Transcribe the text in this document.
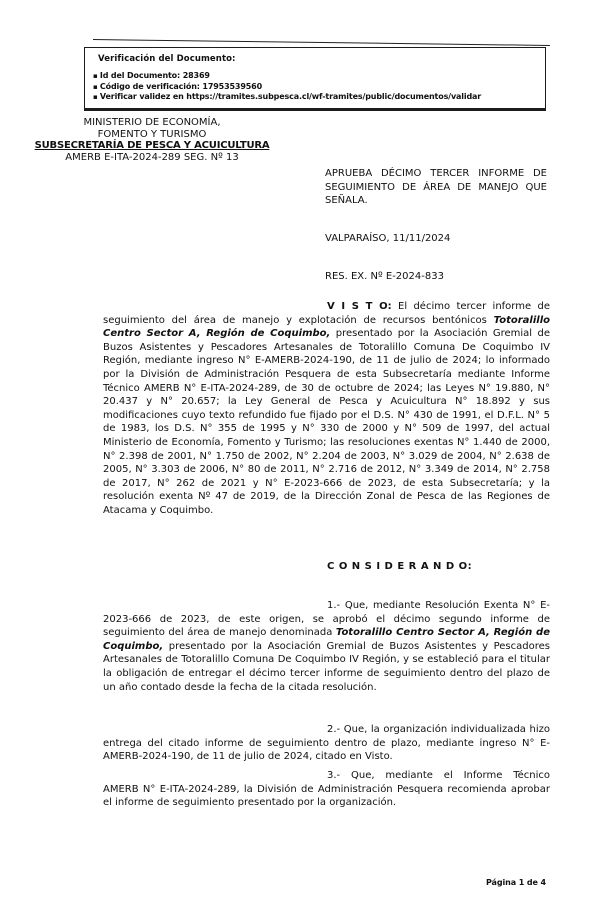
Verificación del Documento:
▪ Id del Documento: 28369
▪ Código de verificación: 17953539560
▪ Verificar validez en https://tramites.subpesca.cl/wf-tramites/public/documentos/validar
MINISTERIO DE ECONOMÍA,
FOMENTO Y TURISMO
SUBSECRETARÍA DE PESCA Y ACUICULTURA
AMERB E-ITA-2024-289 SEG. Nº 13
APRUEBA DÉCIMO TERCER INFORME DE SEGUIMIENTO DE ÁREA DE MANEJO QUE SEÑALA.
VALPARAÍSO, 11/11/2024
RES. EX. Nº E-2024-833
V I S T O: El décimo tercer informe de seguimiento del área de manejo y explotación de recursos bentónicos Totoralillo Centro Sector A, Región de Coquimbo, presentado por la Asociación Gremial de Buzos Asistentes y Pescadores Artesanales de Totoralillo Comuna De Coquimbo IV Región, mediante ingreso N° E-AMERB-2024-190, de 11 de julio de 2024; lo informado por la División de Administración Pesquera de esta Subsecretaría mediante Informe Técnico AMERB N° E-ITA-2024-289, de 30 de octubre de 2024; las Leyes N° 19.880, N° 20.437 y N° 20.657; la Ley General de Pesca y Acuicultura N° 18.892 y sus modificaciones cuyo texto refundido fue fijado por el D.S. N° 430 de 1991, el D.F.L. N° 5 de 1983, los D.S. N° 355 de 1995 y N° 330 de 2000 y N° 509 de 1997, del actual Ministerio de Economía, Fomento y Turismo; las resoluciones exentas N° 1.440 de 2000, N° 2.398 de 2001, N° 1.750 de 2002, N° 2.204 de 2003, N° 3.029 de 2004, N° 2.638 de 2005, N° 3.303 de 2006, N° 80 de 2011, N° 2.716 de 2012, N° 3.349 de 2014, N° 2.758 de 2017, N° 262 de 2021 y N° E-2023-666 de 2023, de esta Subsecretaría; y la resolución exenta Nº 47 de 2019, de la Dirección Zonal de Pesca de las Regiones de Atacama y Coquimbo.
C O N S I D E R A N D O:
1.- Que, mediante Resolución Exenta N° E-2023-666 de 2023, de este origen, se aprobó el décimo segundo informe de seguimiento del área de manejo denominada Totoralillo Centro Sector A, Región de Coquimbo, presentado por la Asociación Gremial de Buzos Asistentes y Pescadores Artesanales de Totoralillo Comuna De Coquimbo IV Región, y se estableció para el titular la obligación de entregar el décimo tercer informe de seguimiento dentro del plazo de un año contado desde la fecha de la citada resolución.
2.- Que, la organización individualizada hizo entrega del citado informe de seguimiento dentro de plazo, mediante ingreso N° E-AMERB-2024-190, de 11 de julio de 2024, citado en Visto.
3.- Que, mediante el Informe Técnico AMERB N° E-ITA-2024-289, la División de Administración Pesquera recomienda aprobar el informe de seguimiento presentado por la organización.
Página 1 de 4
